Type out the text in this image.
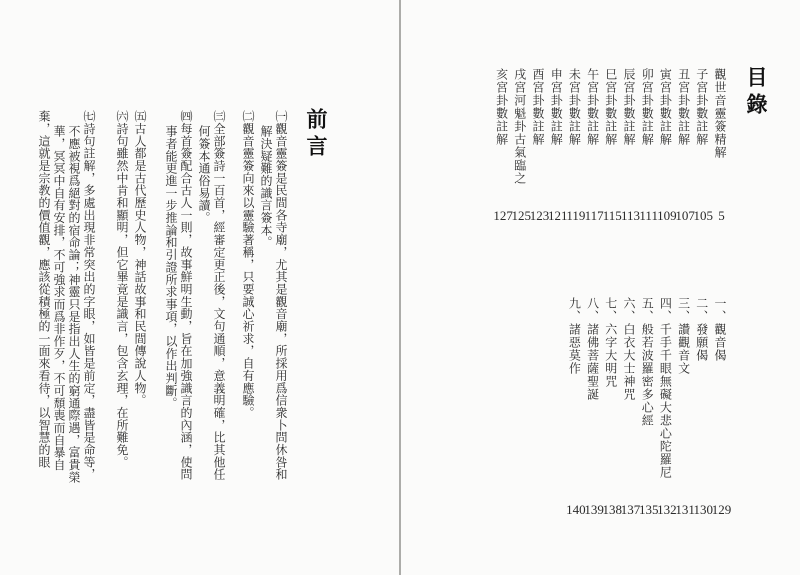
前言
㈠觀音靈簽是民間各寺廟，尤其是觀音廟，所採用爲信衆卜問休咎和
解決疑難的識言簽本。
㈡觀音靈簽向來以靈驗著稱，只要誠心祈求，自有應驗。
㈢全部簽詩一百首，經審定更正後，文句通順，意義明確，比其他任
何簽本通俗易讀。
㈣每首簽配合古人一則，故事鮮明生動，旨在加強識言的內涵，使問
事者能更進一步推論和引證所求事項，以作出判斷。
㈤古人都是古代歷史人物，神話故事和民間傳說人物。
㈥詩句雖然中肯和顯明，但它畢竟是識言，包含玄理，在所難免。
㈦詩句註解，多處出現非常突出的字眼，如皆是前定，盡皆是命等，
不應被視爲絕對的宿命論；神靈只是指出人生的窮通際遇，富貴榮
華，冥冥中自有安排，不可強求而爲非作歹，不可頹喪而自暴自
棄，這就是宗教的價值觀，應該從積極的一面來看待，以智慧的眼
目錄
觀世音靈簽精解
5
子宮卦數註解
105
丑宮卦數註解
107
寅宮卦數註解
109
卯宮卦數註解
111
辰宮卦數註解
113
巳宮卦數註解
115
午宮卦數註解
117
未宮卦數註解
119
申宮卦數註解
121
酉宮卦數註解
123
戌宮河魁卦古氣臨之
125
亥宮卦數註解
127
一、觀音偈
129
二、發願偈
130
三、讚觀音文
131
四、千手千眼無礙大悲心陀羅尼
132
五、般若波羅密多心經
135
六、白衣大士神咒
137
七、六字大明咒
138
八、諸佛菩薩聖誕
139
九、諸惡莫作
140
